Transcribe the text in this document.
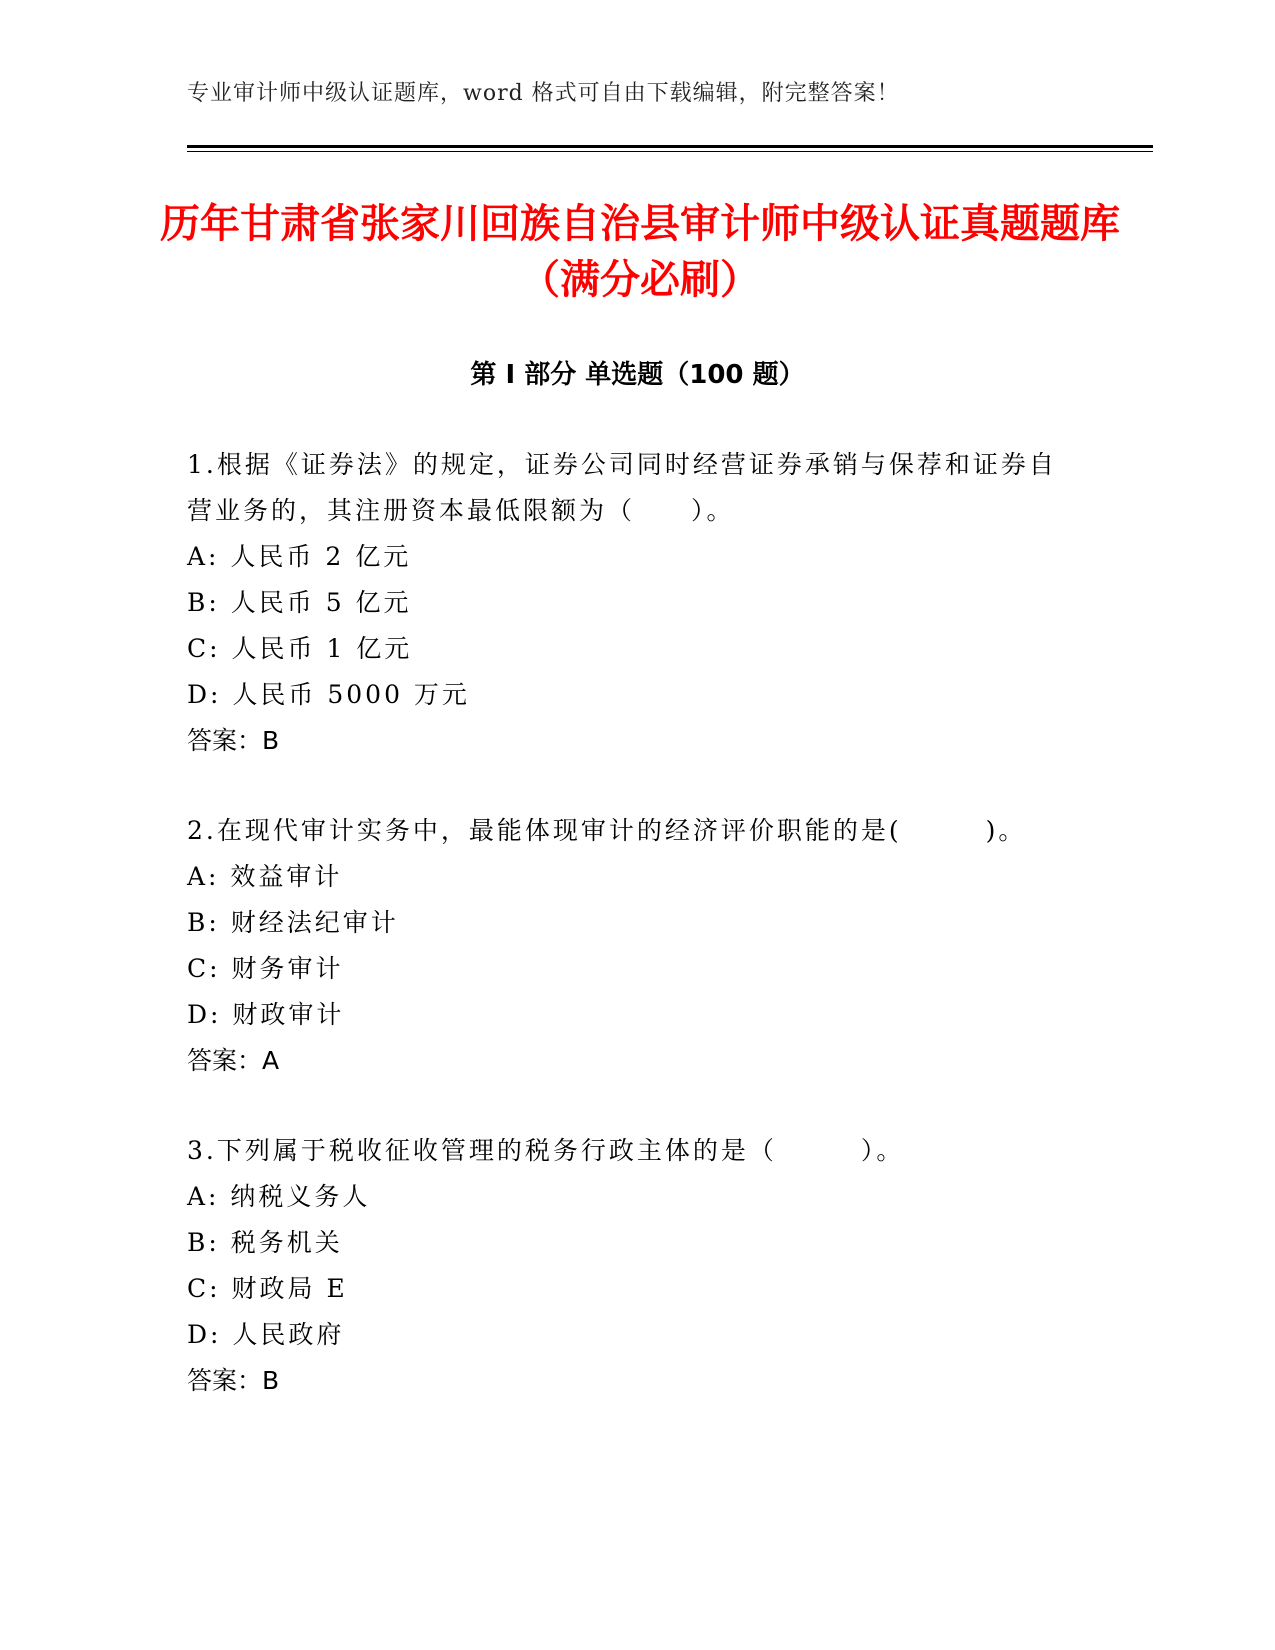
专业审计师中级认证题库，word 格式可自由下载编辑，附完整答案！
历年甘肃省张家川回族自治县审计师中级认证真题题库（满分必刷）
第 I 部分 单选题（100 题）

1.根据《证券法》的规定，证券公司同时经营证券承销与保荐和证券自营业务的，其注册资本最低限额为（　　）。

A: 人民币 2 亿元
B: 人民币 5 亿元
C: 人民币 1 亿元
D: 人民币 5000 万元
答案：B

2.在现代审计实务中，最能体现审计的经济评价职能的是(　　　)。

A: 效益审计
B: 财经法纪审计
C: 财务审计
D: 财政审计
答案：A

3.下列属于税收征收管理的税务行政主体的是（　　　）。

A: 纳税义务人
B: 税务机关
C: 财政局 E
D: 人民政府
答案：B
